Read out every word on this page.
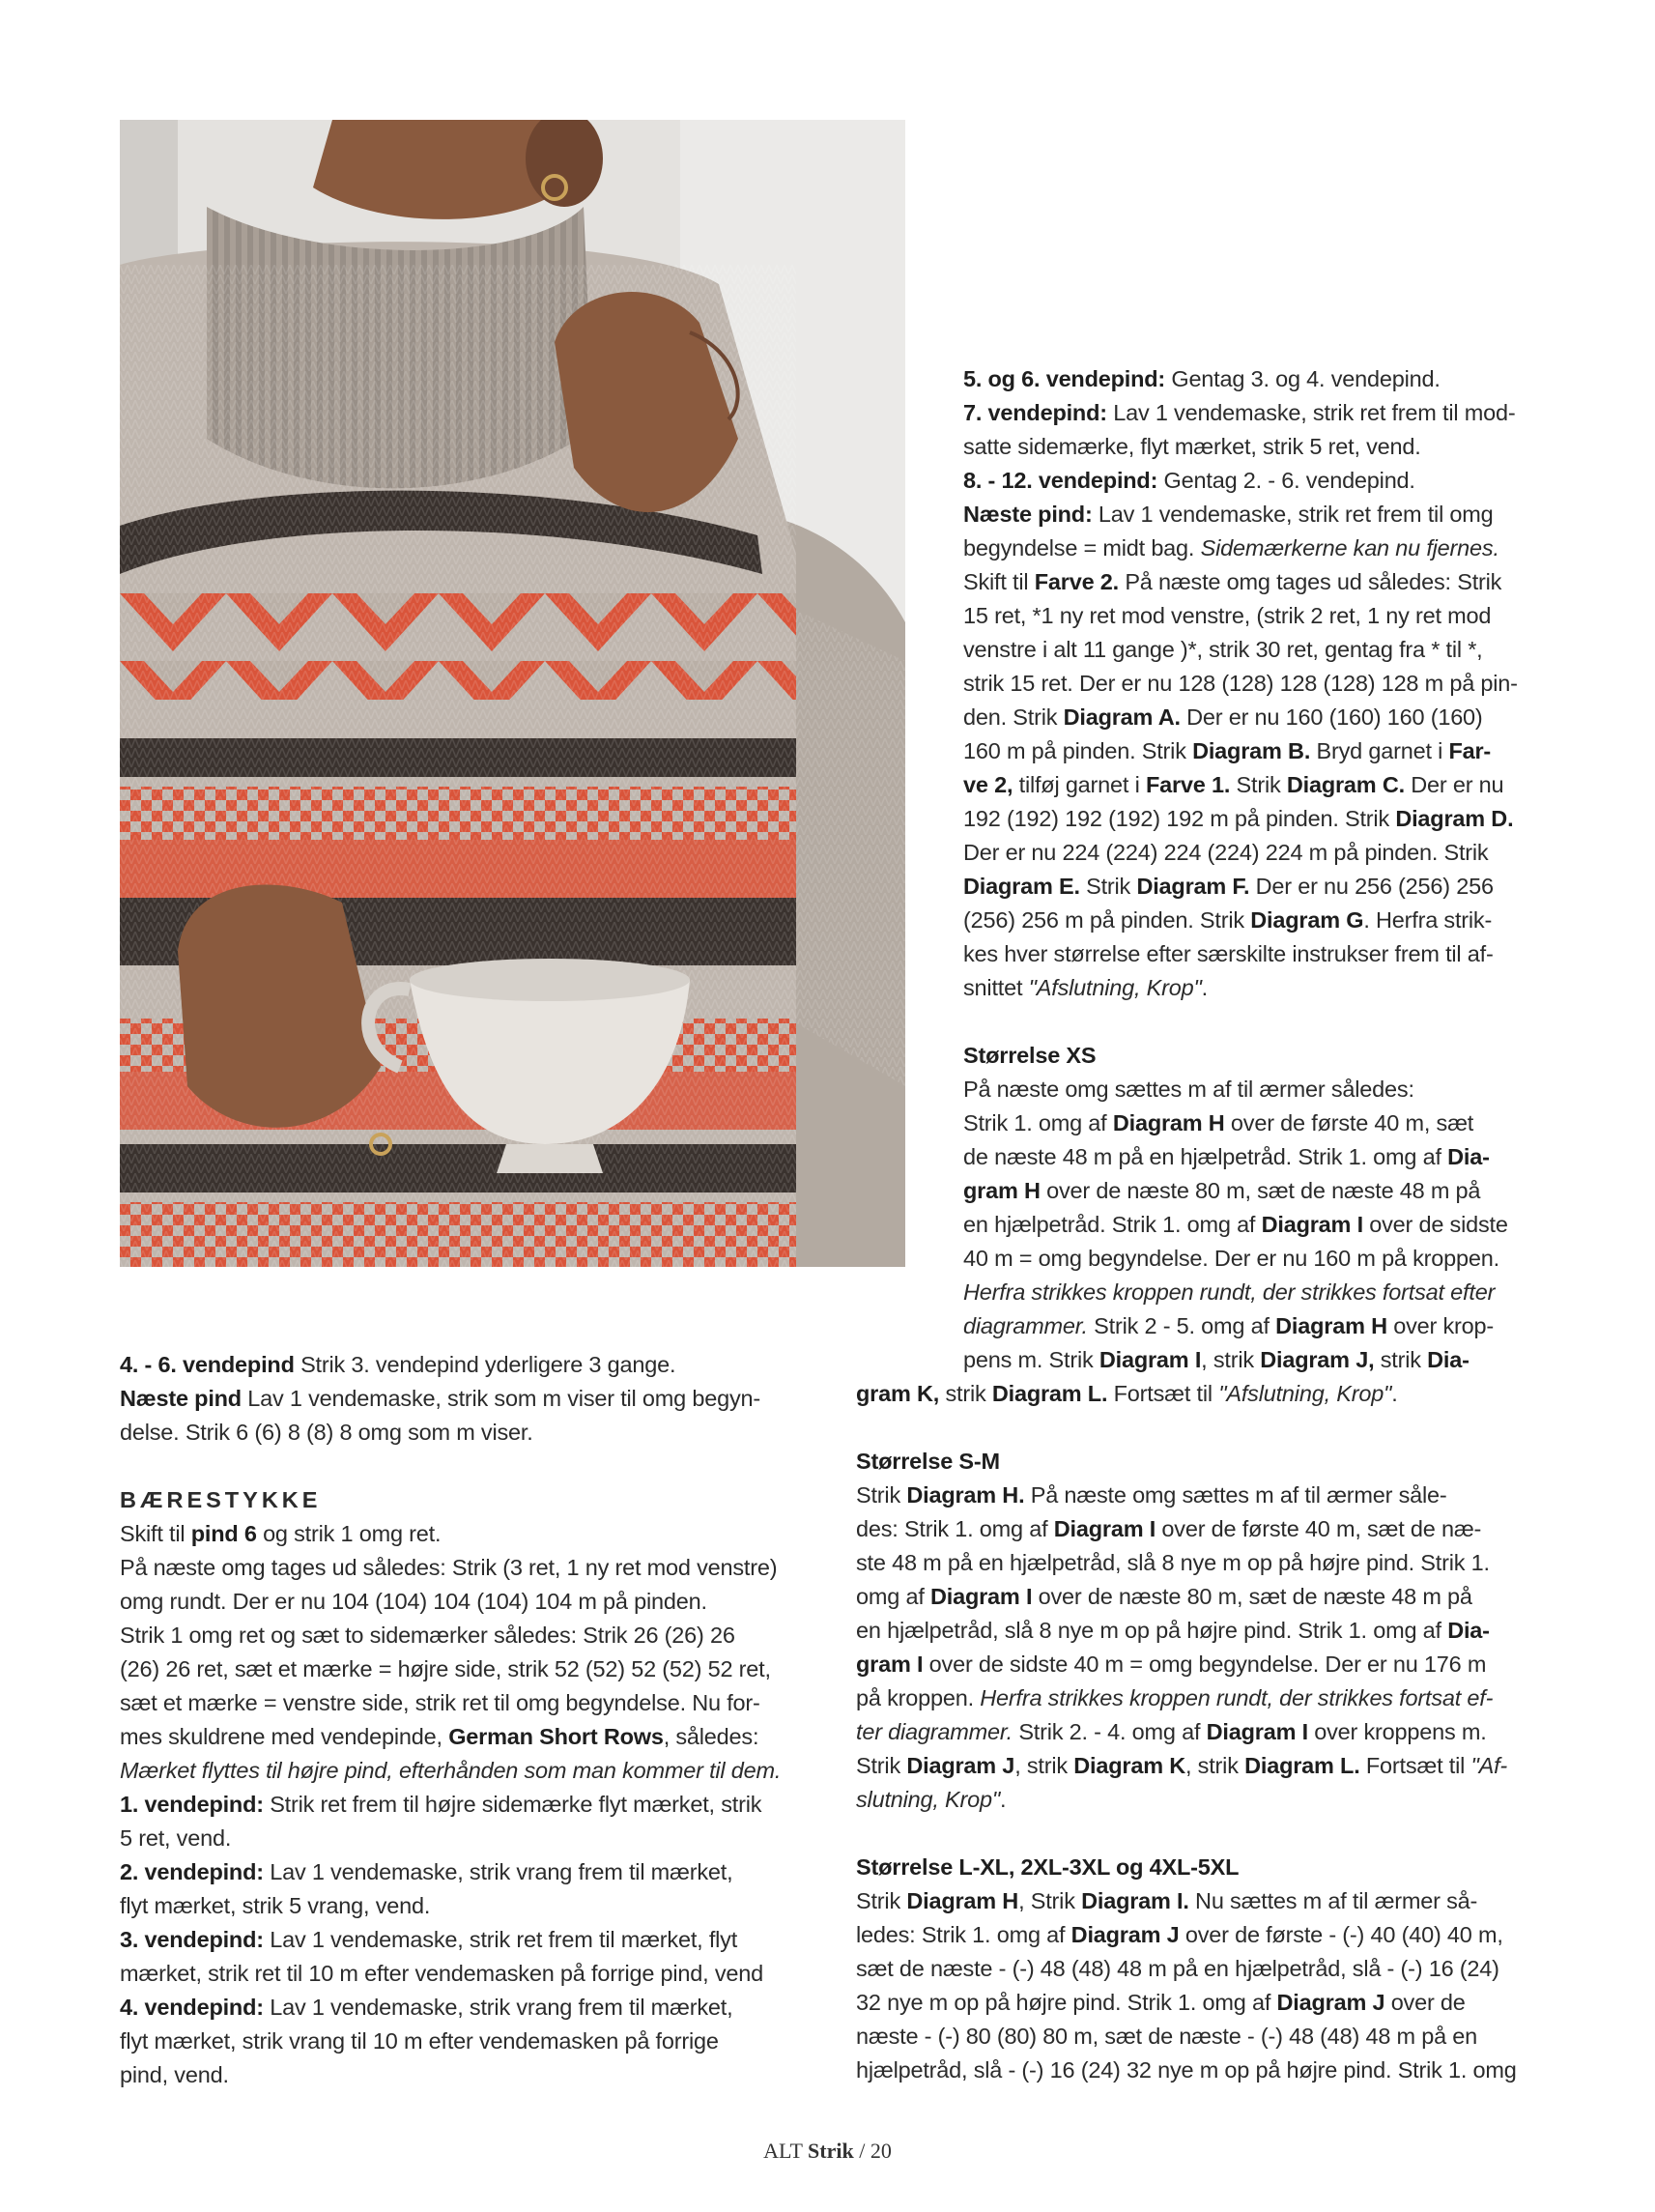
5. og 6. vendepind: Gentag 3. og 4. vendepind.

7. vendepind: Lav 1 vendemaske, strik ret frem til mod-

satte sidemærke, flyt mærket, strik 5 ret, vend.

8. - 12. vendepind: Gentag 2. - 6. vendepind.

Næste pind: Lav 1 vendemaske, strik ret frem til omg

begyndelse = midt bag. Sidemærkerne kan nu fjernes.

Skift til Farve 2. På næste omg tages ud således: Strik

15 ret, *1 ny ret mod venstre, (strik 2 ret, 1 ny ret mod

venstre i alt 11 gange )*, strik 30 ret, gentag fra * til *,

strik 15 ret. Der er nu 128 (128) 128 (128) 128 m på pin-

den. Strik Diagram A. Der er nu 160 (160) 160 (160)

160 m på pinden. Strik Diagram B. Bryd garnet i Far-

ve 2, tilføj garnet i Farve 1. Strik Diagram C. Der er nu

192 (192) 192 (192) 192 m på pinden. Strik Diagram D.

Der er nu 224 (224) 224 (224) 224 m på pinden. Strik

Diagram E. Strik Diagram F. Der er nu 256 (256) 256

(256) 256 m på pinden. Strik Diagram G. Herfra strik-

kes hver størrelse efter særskilte instrukser frem til af-

snittet "Afslutning, Krop".

Størrelse XS

På næste omg sættes m af til ærmer således:

Strik 1. omg af Diagram H over de første 40 m, sæt

de næste 48 m på en hjælpetråd. Strik 1. omg af Dia-

gram H over de næste 80 m, sæt de næste 48 m på

en hjælpetråd. Strik 1. omg af Diagram I over de sidste

40 m = omg begyndelse. Der er nu 160 m på kroppen.

Herfra strikkes kroppen rundt, der strikkes fortsat efter

diagrammer. Strik 2 - 5. omg af Diagram H over krop-

pens m. Strik Diagram I, strik Diagram J, strik Dia-

gram K, strik Diagram L. Fortsæt til "Afslutning, Krop".

Størrelse S-M

Strik Diagram H. På næste omg sættes m af til ærmer såle-

des: Strik 1. omg af Diagram I over de første 40 m, sæt de næ-

ste 48 m på en hjælpetråd, slå 8 nye m op på højre pind. Strik 1.

omg af Diagram I over de næste 80 m, sæt de næste 48 m på

en hjælpetråd, slå 8 nye m op på højre pind. Strik 1. omg af Dia-

gram I over de sidste 40 m = omg begyndelse. Der er nu 176 m

på kroppen. Herfra strikkes kroppen rundt, der strikkes fortsat ef-

ter diagrammer. Strik 2. - 4. omg af Diagram I over kroppens m.

Strik Diagram J, strik Diagram K, strik Diagram L. Fortsæt til "Af-

slutning, Krop".

Størrelse L-XL, 2XL-3XL og 4XL-5XL

Strik Diagram H, Strik Diagram I. Nu sættes m af til ærmer så-

ledes: Strik 1. omg af Diagram J over de første - (-) 40 (40) 40 m,

sæt de næste - (-) 48 (48) 48 m på en hjælpetråd, slå - (-) 16 (24)

32 nye m op på højre pind. Strik 1. omg af Diagram J over de

næste - (-) 80 (80) 80 m, sæt de næste - (-) 48 (48) 48 m på en

hjælpetråd, slå - (-) 16 (24) 32 nye m op på højre pind. Strik 1. omg

4. - 6. vendepind Strik 3. vendepind yderligere 3 gange.

Næste pind Lav 1 vendemaske, strik som m viser til omg begyn-

delse. Strik 6 (6) 8 (8) 8 omg som m viser.

BÆRESTYKKE

Skift til pind 6 og strik 1 omg ret.

På næste omg tages ud således: Strik (3 ret, 1 ny ret mod venstre)

omg rundt. Der er nu 104 (104) 104 (104) 104 m på pinden.

Strik 1 omg ret og sæt to sidemærker således: Strik 26 (26) 26

(26) 26 ret, sæt et mærke = højre side, strik 52 (52) 52 (52) 52 ret,

sæt et mærke = venstre side, strik ret til omg begyndelse. Nu for-

mes skuldrene med vendepinde, German Short Rows, således:

Mærket flyttes til højre pind, efterhånden som man kommer til dem.

1. vendepind: Strik ret frem til højre sidemærke flyt mærket, strik

5 ret, vend.

2. vendepind: Lav 1 vendemaske, strik vrang frem til mærket,

flyt mærket, strik 5 vrang, vend.

3. vendepind: Lav 1 vendemaske, strik ret frem til mærket, flyt

mærket, strik ret til 10 m efter vendemasken på forrige pind, vend

4. vendepind: Lav 1 vendemaske, strik vrang frem til mærket,

flyt mærket, strik vrang til 10 m efter vendemasken på forrige

pind, vend.

ALT Strik / 20
